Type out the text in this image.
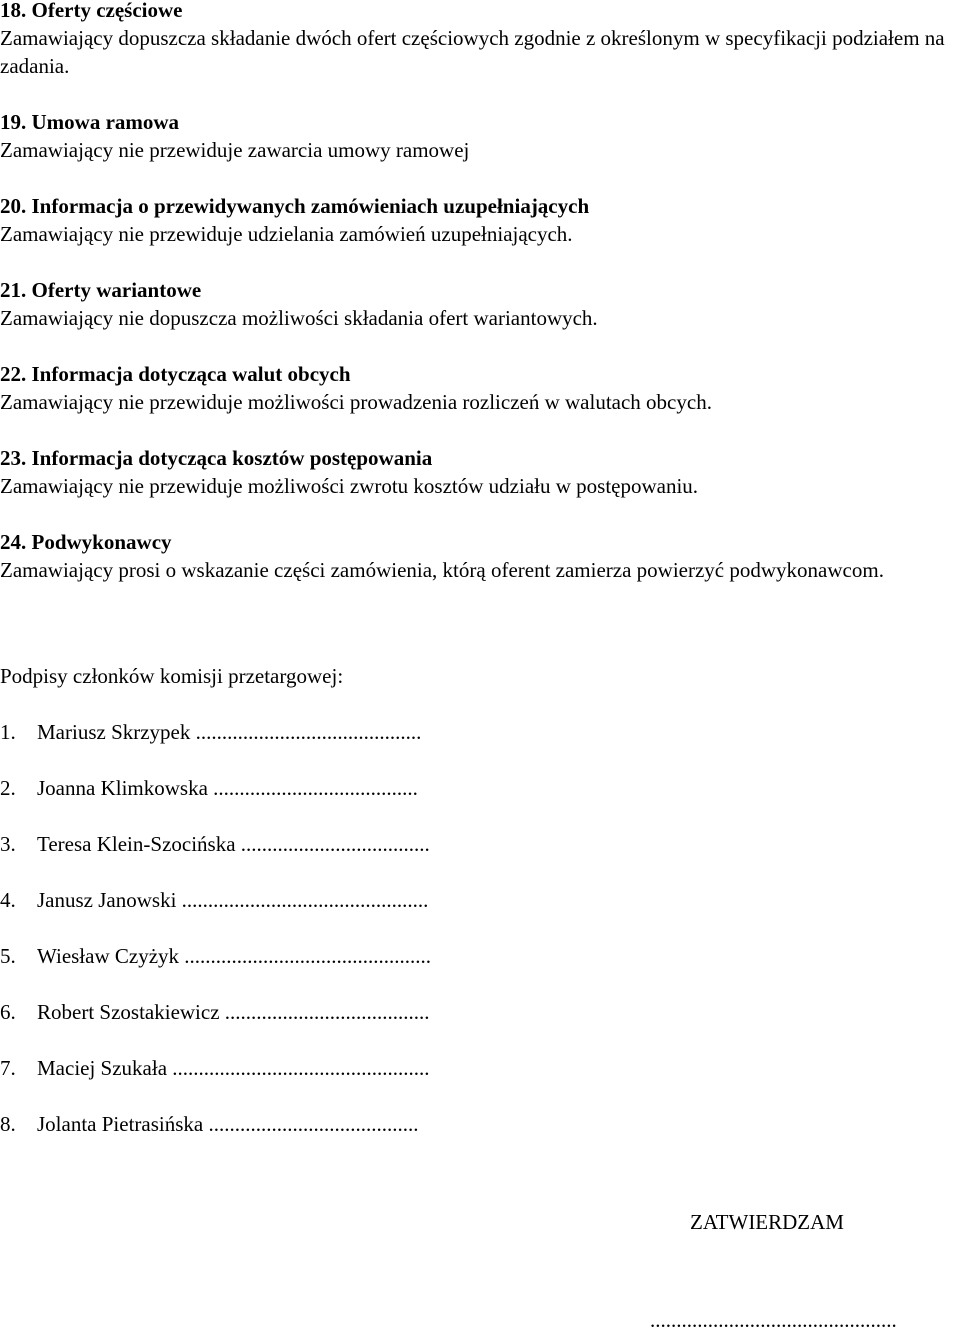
18. Oferty częściowe
Zamawiający dopuszcza składanie dwóch ofert częściowych zgodnie z określonym w specyfikacji podziałem na zadania.
19. Umowa ramowa
Zamawiający nie przewiduje zawarcia umowy ramowej
20. Informacja o przewidywanych zamówieniach uzupełniających
Zamawiający nie przewiduje udzielania zamówień uzupełniających.
21. Oferty wariantowe
Zamawiający nie dopuszcza możliwości składania ofert wariantowych.
22. Informacja dotycząca walut obcych
Zamawiający nie przewiduje możliwości prowadzenia rozliczeń w walutach obcych.
23. Informacja dotycząca kosztów postępowania
Zamawiający nie przewiduje możliwości zwrotu kosztów udziału w postępowaniu.
24. Podwykonawcy
Zamawiający prosi o wskazanie części zamówienia, którą oferent zamierza powierzyć podwykonawcom.
Podpisy członków komisji przetargowej:
1. Mariusz Skrzypek ...........................................
2. Joanna Klimkowska .......................................
3. Teresa Klein-Szocińska ....................................
4. Janusz Janowski ...............................................
5. Wiesław Czyżyk ...............................................
6. Robert Szostakiewicz .......................................
7. Maciej Szukała .................................................
8. Jolanta Pietrasińska ........................................
ZATWIERDZAM
...............................................
